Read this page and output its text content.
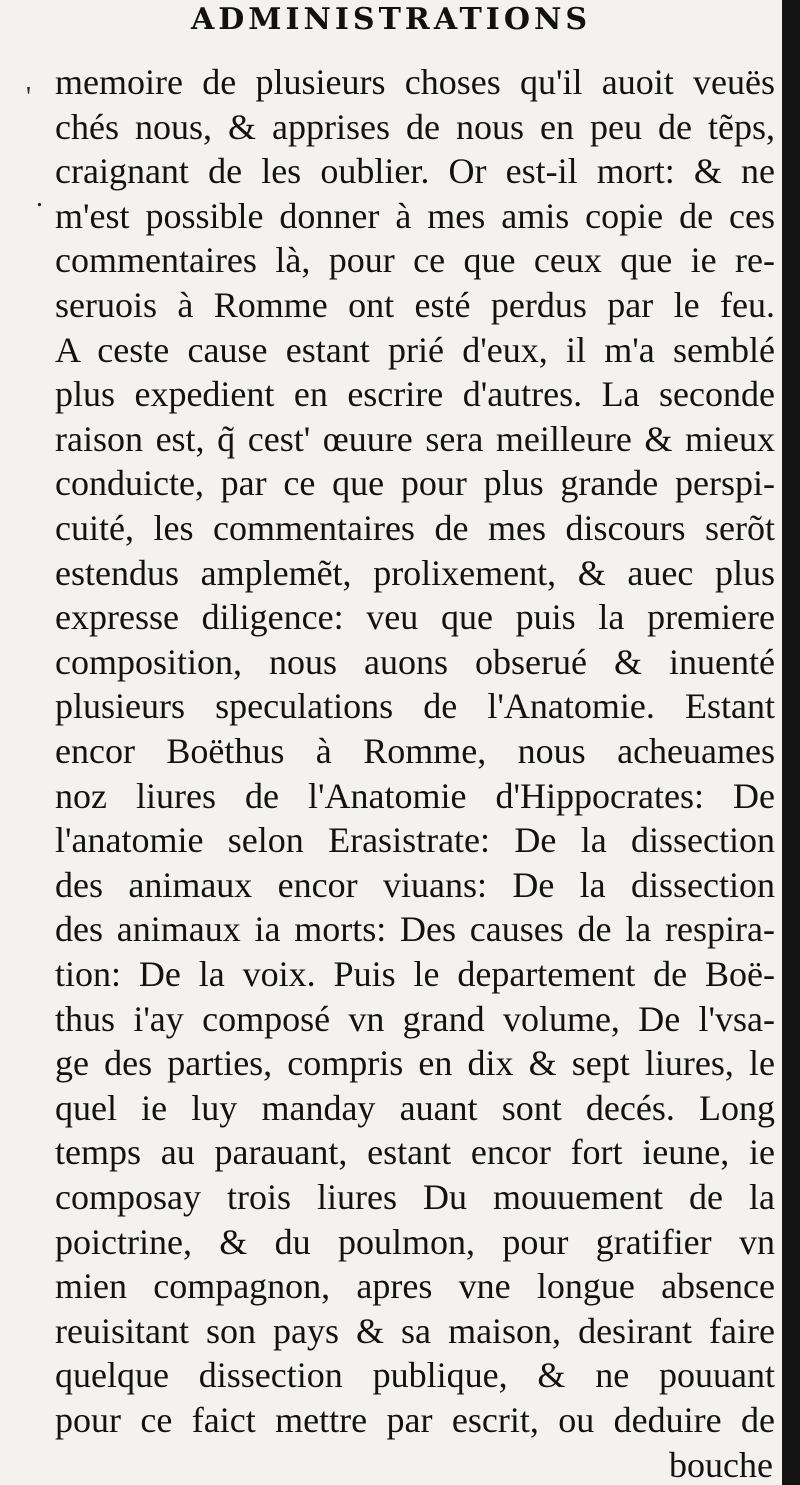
ADMINISTRATIONS
'
.
memoire de plusieurs choses qu'il auoit veuës
chés nous, & apprises de nous en peu de tẽps,
craignant de les oublier. Or est-il mort: & ne
m'est possible donner à mes amis copie de ces
commentaires là, pour ce que ceux que ie re-
seruois à Romme ont esté perdus par le feu.
A ceste cause estant prié d'eux, il m'a semblé
plus expedient en escrire d'autres. La seconde
raison est, q̃ cest' œuure sera meilleure & mieux
conduicte, par ce que pour plus grande perspi-
cuité, les commentaires de mes discours serõt
estendus amplemẽt, prolixement, & auec plus
expresse diligence: veu que puis la premiere
composition, nous auons obserué & inuenté
plusieurs speculations de l'Anatomie. Estant
encor Boëthus à Romme, nous acheuames
noz liures de l'Anatomie d'Hippocrates: De
l'anatomie selon Erasistrate: De la dissection
des animaux encor viuans: De la dissection
des animaux ia morts: Des causes de la respira-
tion: De la voix. Puis le departement de Boë-
thus i'ay composé vn grand volume, De l'vsa-
ge des parties, compris en dix & sept liures, le
quel ie luy manday auant sont decés. Long
temps au parauant, estant encor fort ieune, ie
composay trois liures Du mouuement de la
poictrine, & du poulmon, pour gratifier vn
mien compagnon, apres vne longue absence
reuisitant son pays & sa maison, desirant faire
quelque dissection publique, & ne pouuant
pour ce faict mettre par escrit, ou deduire de
bouche
